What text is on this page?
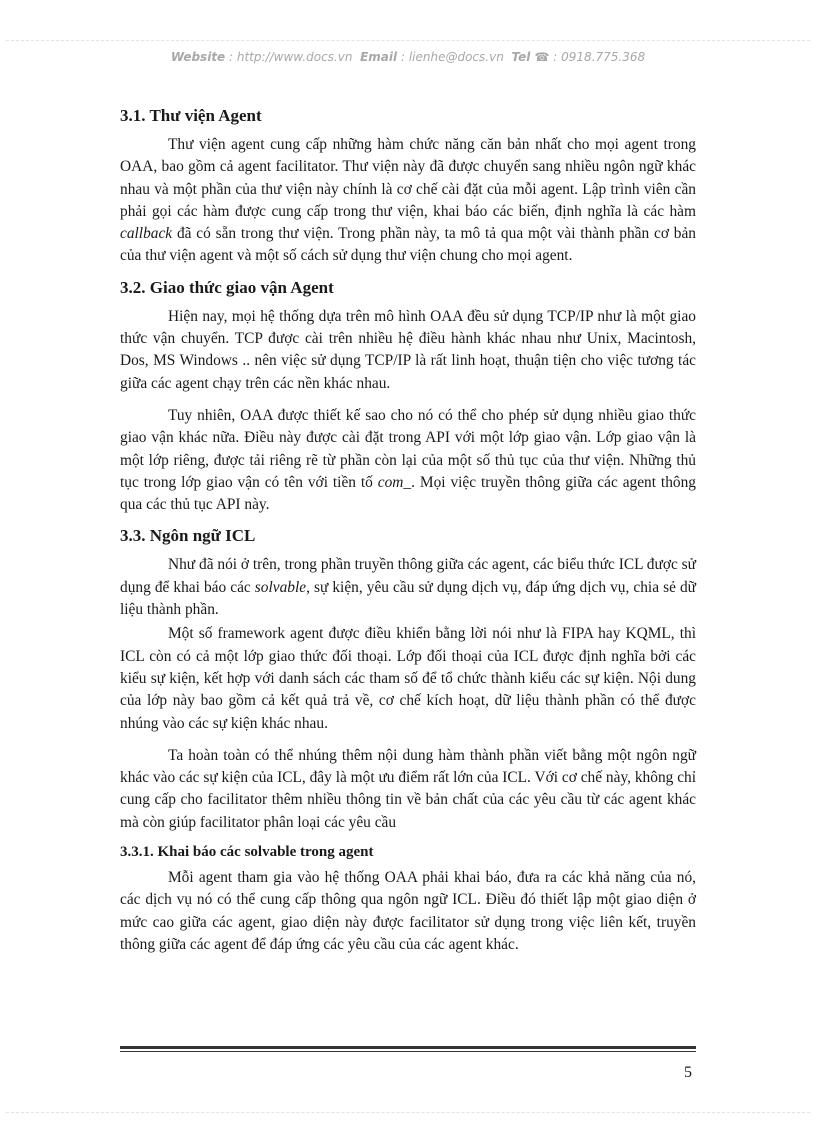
Website : http://www.docs.vn Email : lienhe@docs.vn Tel ☎ : 0918.775.368
3.1. Thư viện Agent

Thư viện agent cung cấp những hàm chức năng căn bản nhất cho mọi agent trong OAA, bao gồm cả agent facilitator. Thư viện này đã được chuyển sang nhiều ngôn ngữ khác nhau và một phần của thư viện này chính là cơ chế cài đặt của mỗi agent. Lập trình viên cần phải gọi các hàm được cung cấp trong thư viện, khai báo các biến, định nghĩa là các hàm callback đã có sẵn trong thư viện. Trong phần này, ta mô tả qua một vài thành phần cơ bản của thư viện agent và một số cách sử dụng thư viện chung cho mọi agent.

3.2. Giao thức giao vận Agent

Hiện nay, mọi hệ thống dựa trên mô hình OAA đều sử dụng TCP/IP như là một giao thức vận chuyển. TCP được cài trên nhiều hệ điều hành khác nhau như Unix, Macintosh, Dos, MS Windows .. nên việc sử dụng TCP/IP là rất linh hoạt, thuận tiện cho việc tương tác giữa các agent chạy trên các nền khác nhau.

Tuy nhiên, OAA được thiết kế sao cho nó có thể cho phép sử dụng nhiều giao thức giao vận khác nữa. Điều này được cài đặt trong API với một lớp giao vận. Lớp giao vận là một lớp riêng, được tải riêng rẽ từ phần còn lại của một số thủ tục của thư viện. Những thủ tục trong lớp giao vận có tên với tiền tố com_. Mọi việc truyền thông giữa các agent thông qua các thủ tục API này.

3.3. Ngôn ngữ ICL

Như đã nói ở trên, trong phần truyền thông giữa các agent, các biểu thức ICL được sử dụng để khai báo các solvable, sự kiện, yêu cầu sử dụng dịch vụ, đáp ứng dịch vụ, chia sẻ dữ liệu thành phần.

Một số framework agent được điều khiển bằng lời nói như là FIPA hay KQML, thì ICL còn có cả một lớp giao thức đối thoại. Lớp đối thoại của ICL được định nghĩa bởi các kiểu sự kiện, kết hợp với danh sách các tham số để tổ chức thành kiểu các sự kiện. Nội dung của lớp này bao gồm cả kết quả trả về, cơ chế kích hoạt, dữ liệu thành phần có thể được nhúng vào các sự kiện khác nhau.

Ta hoàn toàn có thể nhúng thêm nội dung hàm thành phần viết bằng một ngôn ngữ khác vào các sự kiện của ICL, đây là một ưu điểm rất lớn của ICL. Với cơ chế này, không chỉ cung cấp cho facilitator thêm nhiều thông tin về bản chất của các yêu cầu từ các agent khác mà còn giúp facilitator phân loại các yêu cầu

3.3.1. Khai báo các solvable trong agent

Mỗi agent tham gia vào hệ thống OAA phải khai báo, đưa ra các khả năng của nó, các dịch vụ nó có thể cung cấp thông qua ngôn ngữ ICL. Điều đó thiết lập một giao diện ở mức cao giữa các agent, giao diện này được facilitator sử dụng trong việc liên kết, truyền thông giữa các agent để đáp ứng các yêu cầu của các agent khác.

5
